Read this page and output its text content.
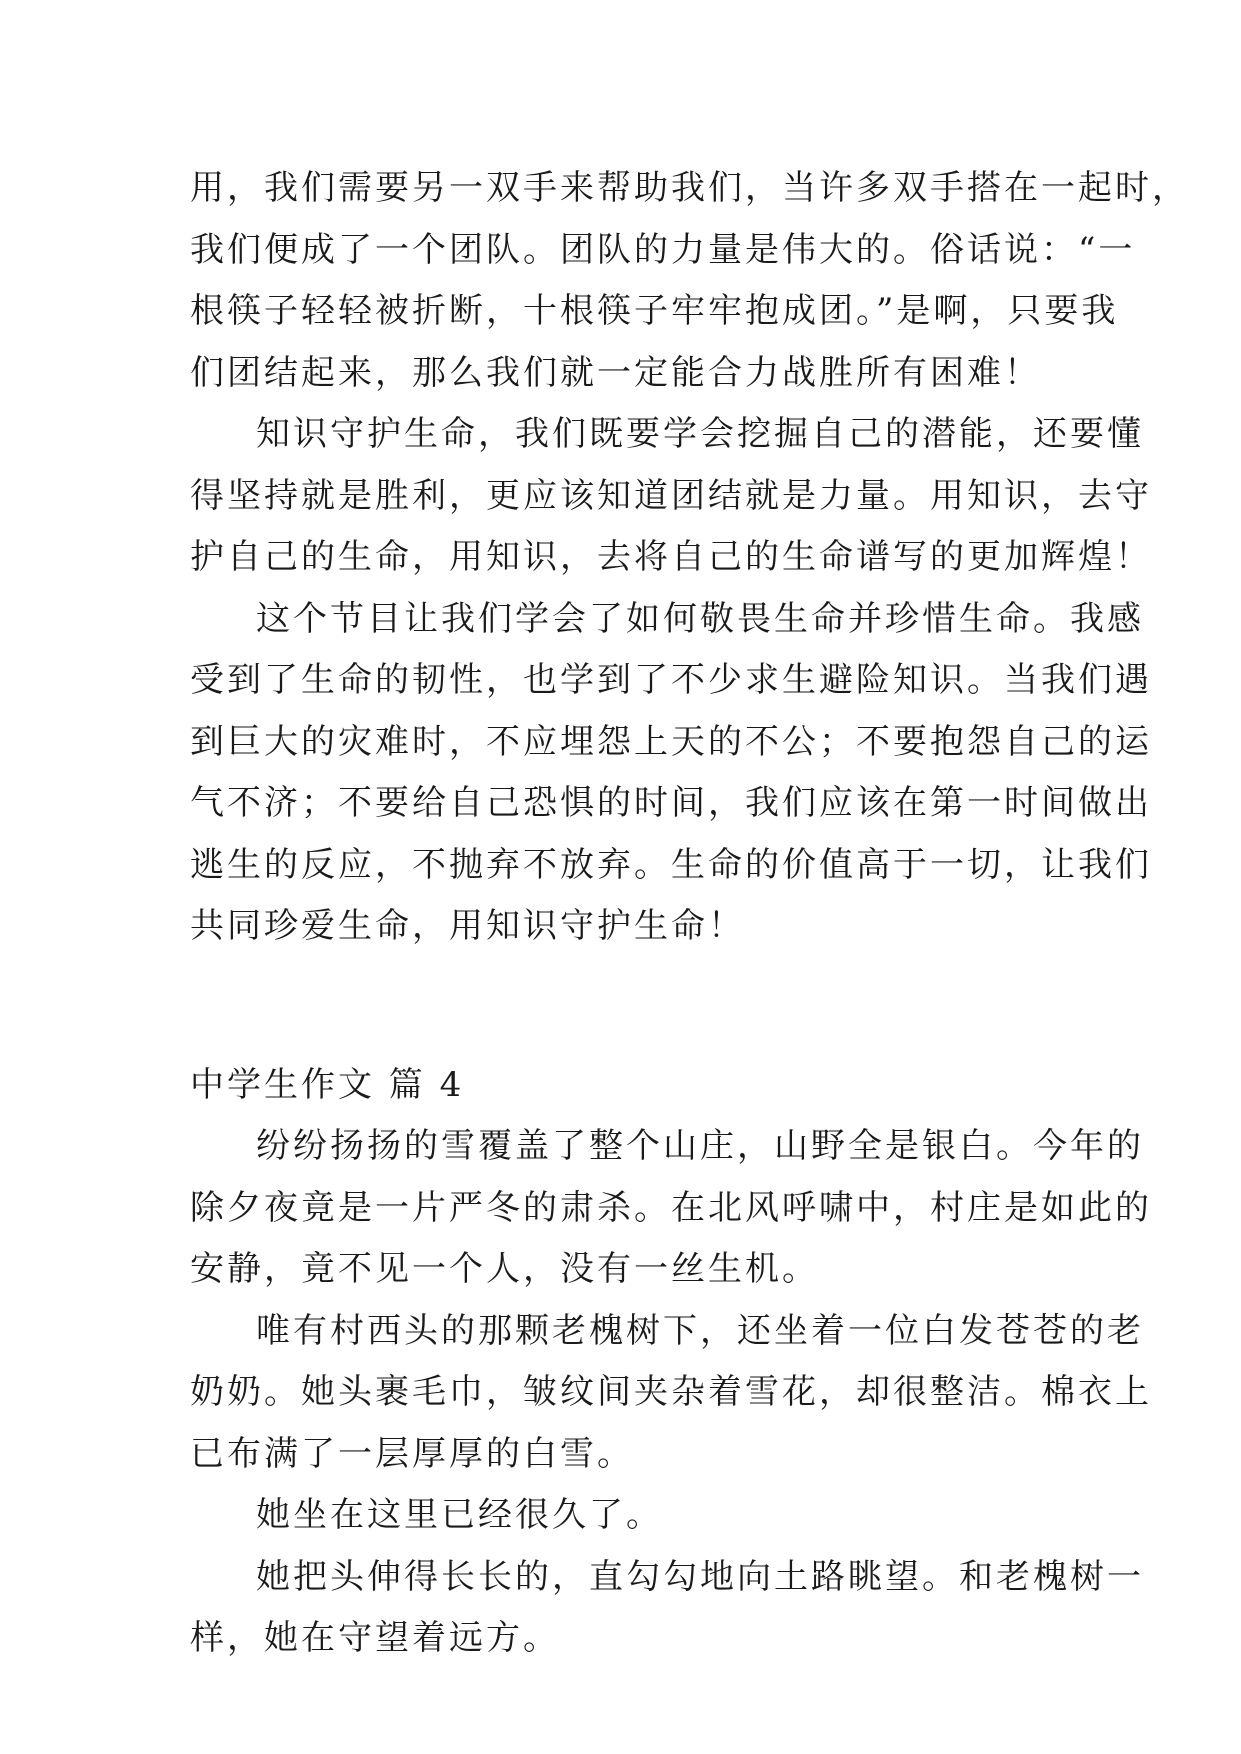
用，我们需要另一双手来帮助我们，当许多双手搭在一起时，
我们便成了一个团队。团队的力量是伟大的。俗话说：“一
根筷子轻轻被折断，十根筷子牢牢抱成团。”是啊，只要我
们团结起来，那么我们就一定能合力战胜所有困难！
知识守护生命，我们既要学会挖掘自己的潜能，还要懂
得坚持就是胜利，更应该知道团结就是力量。用知识，去守
护自己的生命，用知识，去将自己的生命谱写的更加辉煌！
这个节目让我们学会了如何敬畏生命并珍惜生命。我感
受到了生命的韧性，也学到了不少求生避险知识。当我们遇
到巨大的灾难时，不应埋怨上天的不公；不要抱怨自己的运
气不济；不要给自己恐惧的时间，我们应该在第一时间做出
逃生的反应，不抛弃不放弃。生命的价值高于一切，让我们
共同珍爱生命，用知识守护生命！
中学生作文 篇 4
纷纷扬扬的雪覆盖了整个山庄，山野全是银白。今年的
除夕夜竟是一片严冬的肃杀。在北风呼啸中，村庄是如此的
安静，竟不见一个人，没有一丝生机。
唯有村西头的那颗老槐树下，还坐着一位白发苍苍的老
奶奶。她头裹毛巾，皱纹间夹杂着雪花，却很整洁。棉衣上
已布满了一层厚厚的白雪。
她坐在这里已经很久了。
她把头伸得长长的，直勾勾地向土路眺望。和老槐树一
样，她在守望着远方。
